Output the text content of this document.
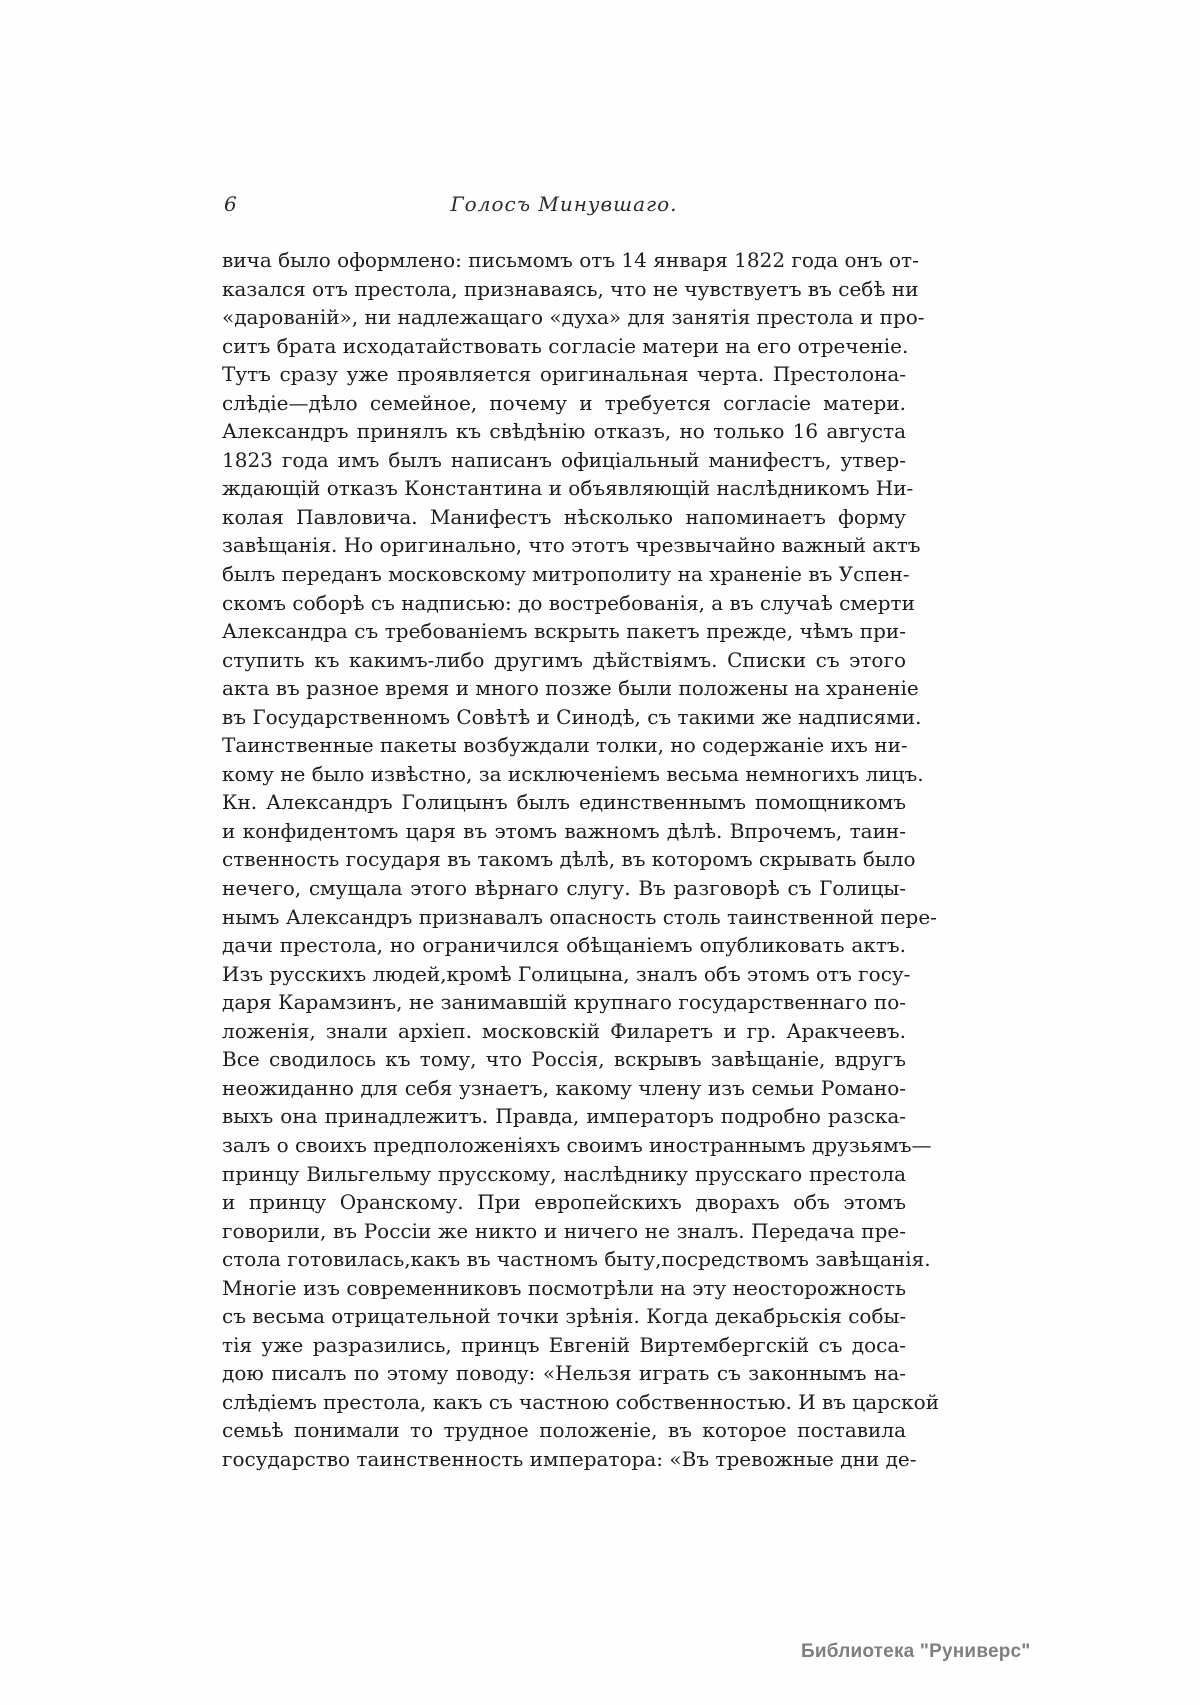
6	Голосъ Минувшаго.
вича было оформлено: письмомъ отъ 14 января 1822 года онъ от-
казался отъ престола, признаваясь, что не чувствуетъ въ себѣ ни
«дарованій», ни надлежащаго «духа» для занятія престола и про-
ситъ брата исходатайствовать согласіе матери на его отреченіе.
Тутъ сразу уже проявляется оригинальная черта. Престолона-
слѣдіе—дѣло семейное, почему и требуется согласіе матери.
Александръ принялъ къ свѣдѣнію отказъ, но только 16 августа
1823 года имъ былъ написанъ офиціальный манифестъ, утвер-
ждающій отказъ Константина и объявляющій наслѣдникомъ Ни-
колая Павловича. Манифестъ нѣсколько напоминаетъ форму
завѣщанія. Но оригинально, что этотъ чрезвычайно важный актъ
былъ переданъ московскому митрополиту на храненіе въ Успен-
скомъ соборѣ съ надписью: до востребованія, а въ случаѣ смерти
Александра съ требованіемъ вскрыть пакетъ прежде, чѣмъ при-
ступить къ какимъ-либо другимъ дѣйствіямъ. Списки съ этого
акта въ разное время и много позже были положены на храненіе
въ Государственномъ Совѣтѣ и Синодѣ, съ такими же надписями.
Таинственные пакеты возбуждали толки, но содержаніе ихъ ни-
кому не было извѣстно, за исключеніемъ весьма немногихъ лицъ.
Кн. Александръ Голицынъ былъ единственнымъ помощникомъ
и конфидентомъ царя въ этомъ важномъ дѣлѣ. Впрочемъ, таин-
ственность государя въ такомъ дѣлѣ, въ которомъ скрывать было
нечего, смущала этого вѣрнаго слугу. Въ разговорѣ съ Голицы-
нымъ Александръ признавалъ опасность столь таинственной пере-
дачи престола, но ограничился обѣщаніемъ опубликовать актъ.
Изъ русскихъ людей,кромѣ Голицына, зналъ объ этомъ отъ госу-
даря Карамзинъ, не занимавшій крупнаго государственнаго по-
ложенія, знали архіеп. московскій Филаретъ и гр. Аракчеевъ.
Все сводилось къ тому, что Россія, вскрывъ завѣщаніе, вдругъ
неожиданно для себя узнаетъ, какому члену изъ семьи Романо-
выхъ она принадлежитъ. Правда, императоръ подробно разска-
залъ о своихъ предположеніяхъ своимъ иностраннымъ друзьямъ—
принцу Вильгельму прусскому, наслѣднику прусскаго престола
и принцу Оранскому. При европейскихъ дворахъ объ этомъ
говорили, въ Россіи же никто и ничего не зналъ. Передача пре-
стола готовилась,какъ въ частномъ быту,посредствомъ завѣщанія.
Многіе изъ современниковъ посмотрѣли на эту неосторожность
съ весьма отрицательной точки зрѣнія. Когда декабрьскія собы-
тія уже разразились, принцъ Евгеній Виртембергскій съ доса-
дою писалъ по этому поводу: «Нельзя играть съ законнымъ на-
слѣдіемъ престола, какъ съ частною собственностью. И въ царской
семьѣ понимали то трудное положеніе, въ которое поставила
государство таинственность императора: «Въ тревожные дни де-
Библиотека "Руниверс"
